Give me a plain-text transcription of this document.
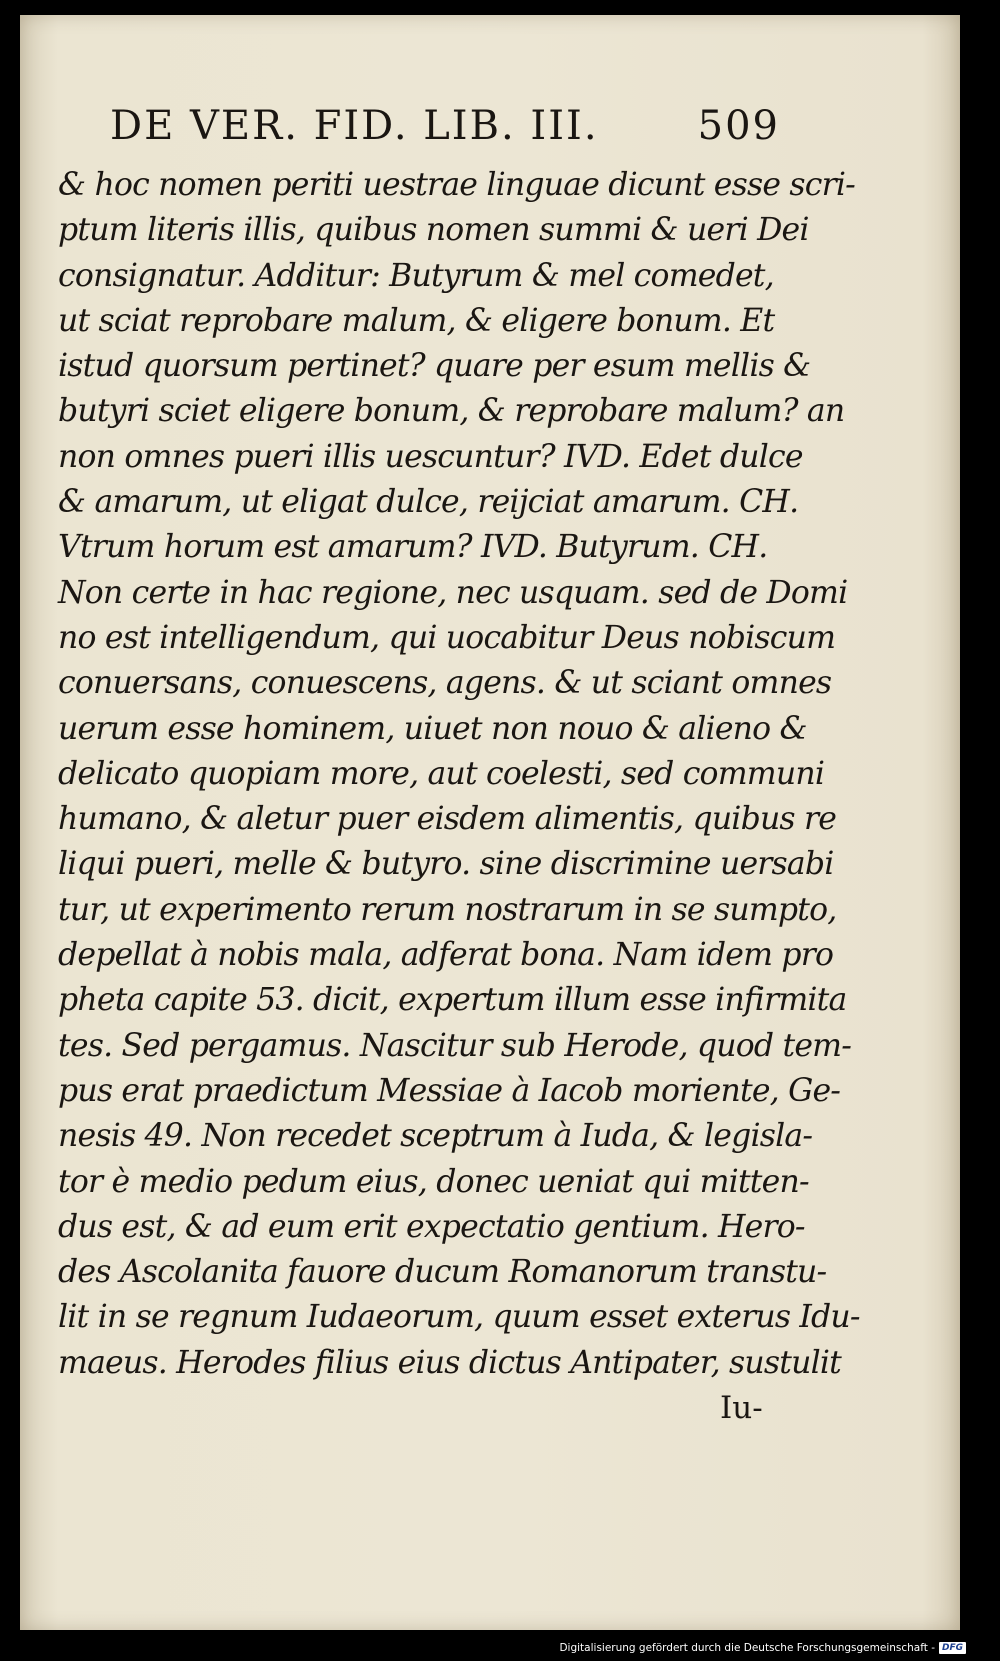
DE VER. FID. LIB. III. 509
& hoc nomen periti uestrae linguae dicunt esse scri-
ptum literis illis, quibus nomen summi & ueri Dei
consignatur. Additur: Butyrum & mel comedet,
ut sciat reprobare malum, & eligere bonum. Et
istud quorsum pertinet? quare per esum mellis &
butyri sciet eligere bonum, & reprobare malum? an
non omnes pueri illis uescuntur? IVD. Edet dulce
& amarum, ut eligat dulce, reijciat amarum. CH.
Vtrum horum est amarum? IVD. Butyrum. CH.
Non certe in hac regione, nec usquam. sed de Domi
no est intelligendum, qui uocabitur Deus nobiscum
conuersans, conuescens, agens. & ut sciant omnes
uerum esse hominem, uiuet non nouo & alieno &
delicato quopiam more, aut coelesti, sed communi
humano, & aletur puer eisdem alimentis, quibus re
liqui pueri, melle & butyro. sine discrimine uersabi
tur, ut experimento rerum nostrarum in se sumpto,
depellat à nobis mala, adferat bona. Nam idem pro
pheta capite 53. dicit, expertum illum esse infirmita
tes. Sed pergamus. Nascitur sub Herode, quod tem-
pus erat praedictum Messiae à Iacob moriente, Ge-
nesis 49. Non recedet sceptrum à Iuda, & legisla-
tor è medio pedum eius, donec ueniat qui mitten-
dus est, & ad eum erit expectatio gentium. Hero-
des Ascolanita fauore ducum Romanorum transtu-
lit in se regnum Iudaeorum, quum esset exterus Idu-
maeus. Herodes filius eius dictus Antipater, sustulit
Iu-
Digitalisierung gefördert durch die Deutsche Forschungsgemeinschaft - DFG
